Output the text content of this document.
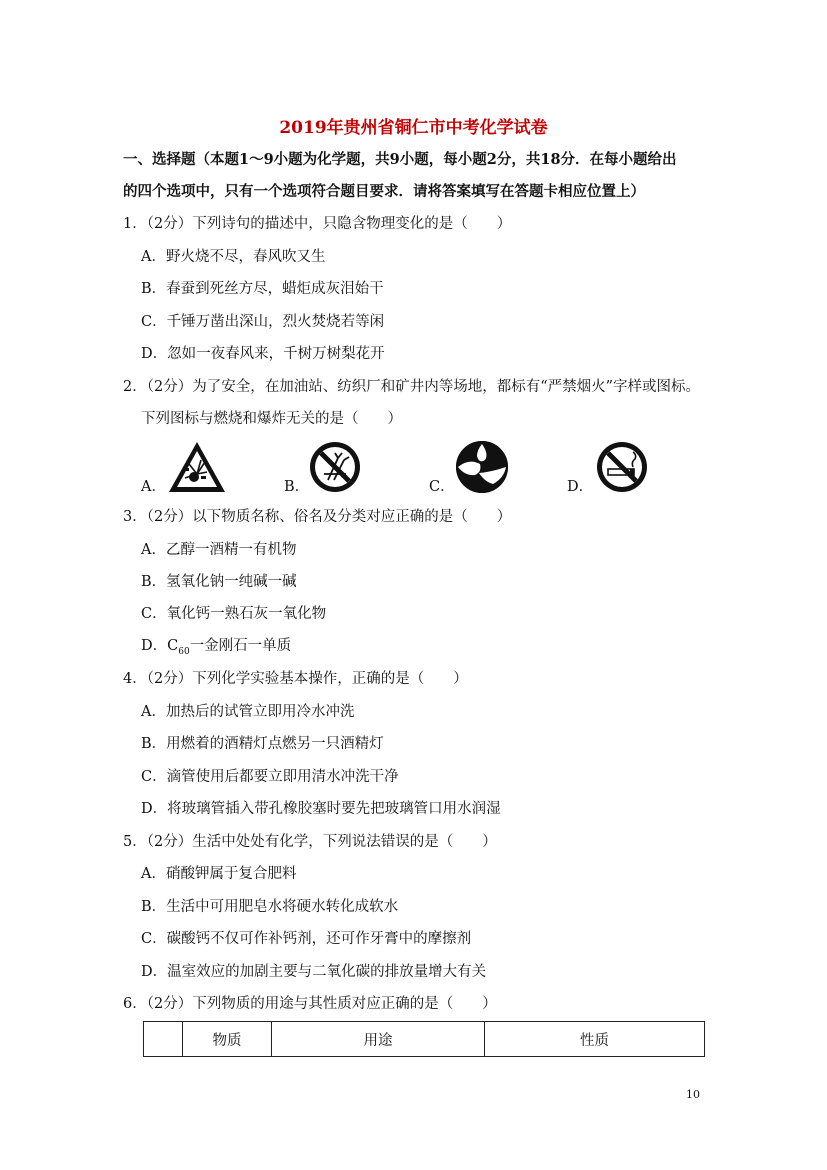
2019年贵州省铜仁市中考化学试卷
一、选择题（本题1～9小题为化学题，共9小题，每小题2分，共18分．在每小题给出
的四个选项中，只有一个选项符合题目要求．请将答案填写在答题卡相应位置上）
1．（2分）下列诗句的描述中，只隐含物理变化的是（　　）
A．野火烧不尽，春风吹又生
B．春蚕到死丝方尽，蜡炬成灰泪始干
C．千锤万凿出深山，烈火焚烧若等闲
D．忽如一夜春风来，千树万树梨花开
2．（2分）为了安全，在加油站、纺织厂和矿井内等场地，都标有“严禁烟火”字样或图标。
下列图标与燃烧和爆炸无关的是（　　）
A．	B．	C．	D．
3．（2分）以下物质名称、俗名及分类对应正确的是（　　）
A．乙醇一酒精一有机物
B．氢氧化钠一纯碱一碱
C．氧化钙一熟石灰一氧化物
D．$C_{60}$一金刚石一单质
4．（2分）下列化学实验基本操作，正确的是（　　）
A．加热后的试管立即用冷水冲洗
B．用燃着的酒精灯点燃另一只酒精灯
C．滴管使用后都要立即用清水冲洗干净
D．将玻璃管插入带孔橡胶塞时要先把玻璃管口用水润湿
5．（2分）生活中处处有化学，下列说法错误的是（　　）
A．硝酸钾属于复合肥料
B．生活中可用肥皂水将硬水转化成软水
C．碳酸钙不仅可作补钙剂，还可作牙膏中的摩擦剂
D．温室效应的加剧主要与二氧化碳的排放量增大有关
6．（2分）下列物质的用途与其性质对应正确的是（　　）
	物质	用途	性质
10
